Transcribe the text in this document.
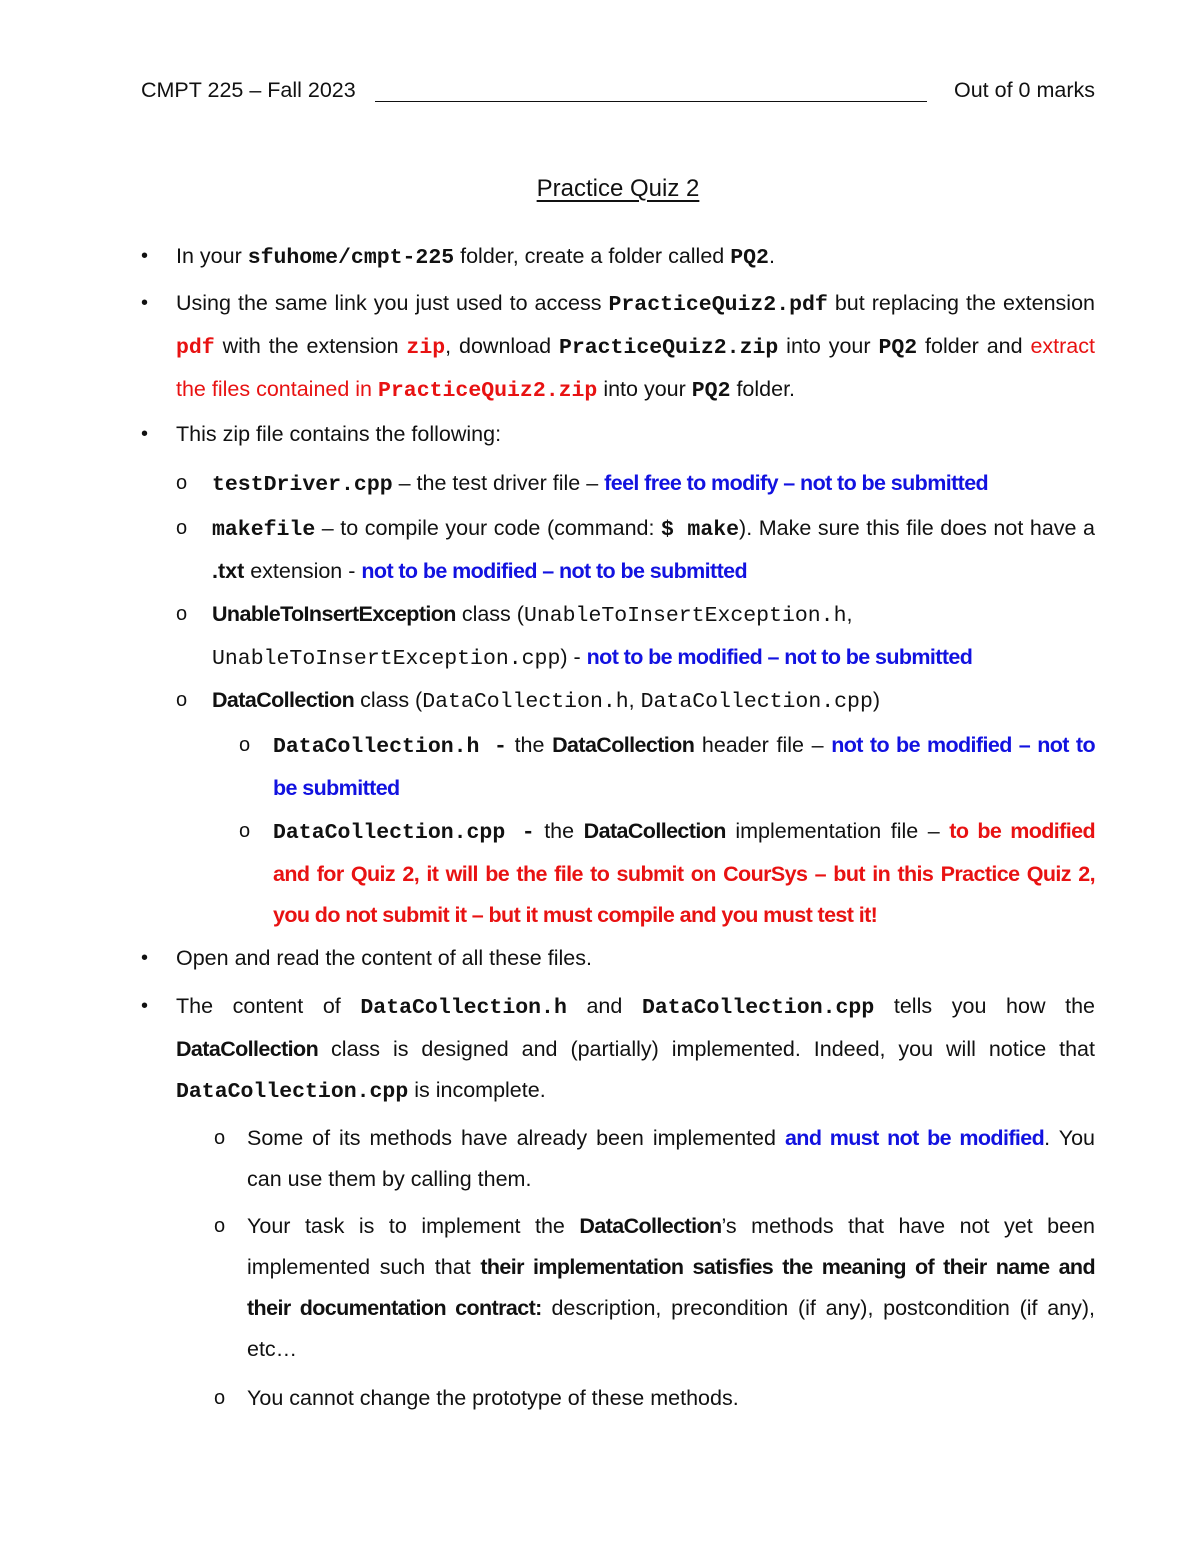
CMPT 225 – Fall 2023	Out of 0 marks
Practice Quiz 2
• In your sfuhome/cmpt-225 folder, create a folder called PQ2.
• Using the same link you just used to access PracticeQuiz2.pdf but replacing the extension pdf with the extension zip, download PracticeQuiz2.zip into your PQ2 folder and extract the files contained in PracticeQuiz2.zip into your PQ2 folder.
• This zip file contains the following:
o testDriver.cpp – the test driver file – feel free to modify – not to be submitted
o makefile – to compile your code (command: $ make). Make sure this file does not have a .txt extension - not to be modified – not to be submitted
o UnableToInsertException class (UnableToInsertException.h,
UnableToInsertException.cpp) - not to be modified – not to be submitted
o DataCollection class (DataCollection.h, DataCollection.cpp)
o DataCollection.h - the DataCollection header file – not to be modified – not to be submitted
o DataCollection.cpp - the DataCollection implementation file – to be modified and for Quiz 2, it will be the file to submit on CourSys – but in this Practice Quiz 2, you do not submit it – but it must compile and you must test it!
• Open and read the content of all these files.
• The content of DataCollection.h and DataCollection.cpp tells you how the DataCollection class is designed and (partially) implemented. Indeed, you will notice that DataCollection.cpp is incomplete.
o Some of its methods have already been implemented and must not be modified. You can use them by calling them.
o Your task is to implement the DataCollection’s methods that have not yet been implemented such that their implementation satisfies the meaning of their name and their documentation contract: description, precondition (if any), postcondition (if any), etc…
o You cannot change the prototype of these methods.
